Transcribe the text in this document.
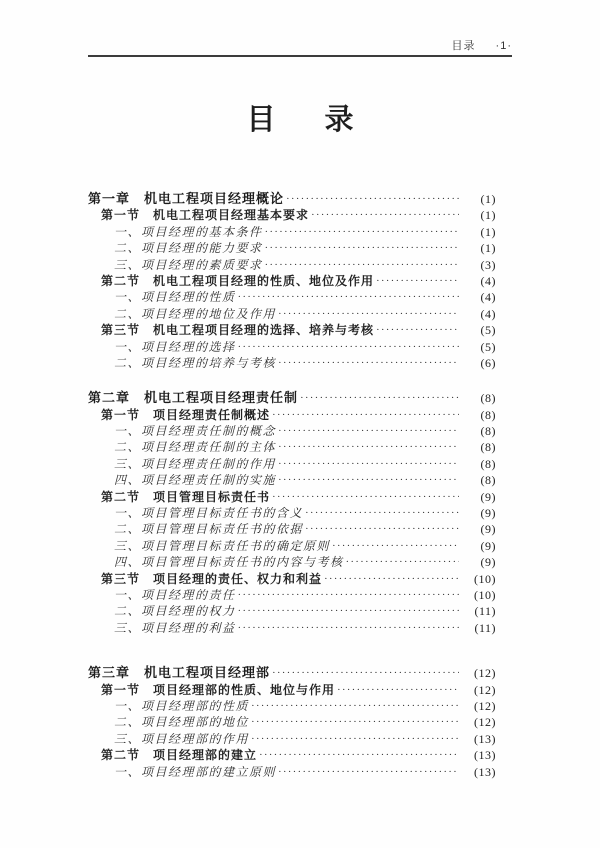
目录 ·1·
目　录
第一章　机电工程项目经理概论 ·····	(1)
第一节　机电工程项目经理基本要求 ·····	(1)
一、项目经理的基本条件 ·····	(1)
二、项目经理的能力要求 ·····	(1)
三、项目经理的素质要求 ·····	(3)
第二节　机电工程项目经理的性质、地位及作用 ·····	(4)
一、项目经理的性质 ·····	(4)
二、项目经理的地位及作用 ·····	(4)
第三节　机电工程项目经理的选择、培养与考核 ·····	(5)
一、项目经理的选择 ·····	(5)
二、项目经理的培养与考核 ·····	(6)
第二章　机电工程项目经理责任制 ·····	(8)
第一节　项目经理责任制概述 ·····	(8)
一、项目经理责任制的概念 ·····	(8)
二、项目经理责任制的主体 ·····	(8)
三、项目经理责任制的作用 ·····	(8)
四、项目经理责任制的实施 ·····	(8)
第二节　项目管理目标责任书 ·····	(9)
一、项目管理目标责任书的含义 ·····	(9)
二、项目管理目标责任书的依据 ·····	(9)
三、项目管理目标责任书的确定原则 ·····	(9)
四、项目管理目标责任书的内容与考核 ·····	(9)
第三节　项目经理的责任、权力和利益 ·····	(10)
一、项目经理的责任 ·····	(10)
二、项目经理的权力 ·····	(11)
三、项目经理的利益 ·····	(11)
第三章　机电工程项目经理部 ·····	(12)
第一节　项目经理部的性质、地位与作用 ·····	(12)
一、项目经理部的性质 ·····	(12)
二、项目经理部的地位 ·····	(12)
三、项目经理部的作用 ·····	(13)
第二节　项目经理部的建立 ·····	(13)
一、项目经理部的建立原则 ·····	(13)
